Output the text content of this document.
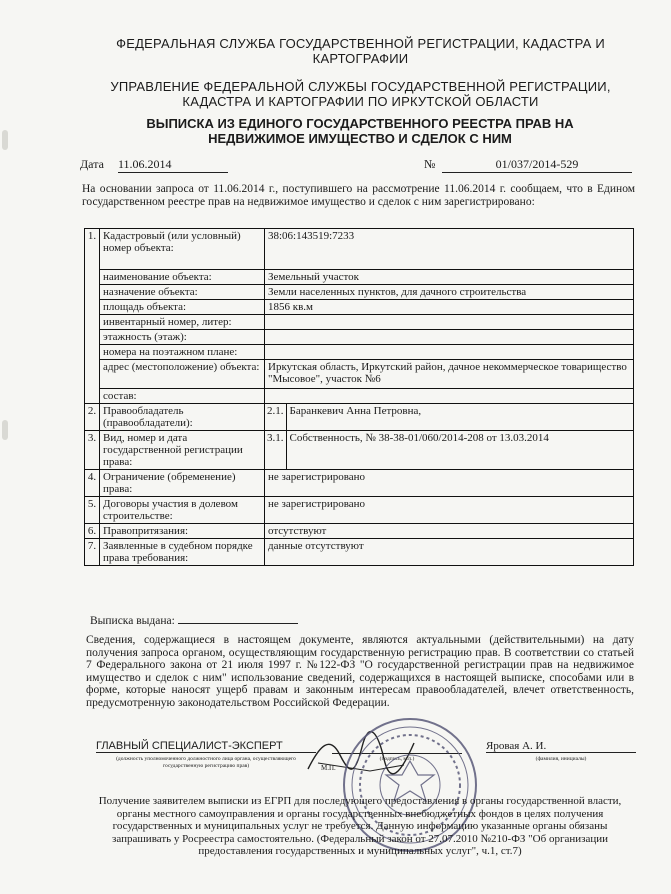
ФЕДЕРАЛЬНАЯ СЛУЖБА ГОСУДАРСТВЕННОЙ РЕГИСТРАЦИИ, КАДАСТРА И КАРТОГРАФИИ
УПРАВЛЕНИЕ ФЕДЕРАЛЬНОЙ СЛУЖБЫ ГОСУДАРСТВЕННОЙ РЕГИСТРАЦИИ, КАДАСТРА И КАРТОГРАФИИ ПО ИРКУТСКОЙ ОБЛАСТИ
ВЫПИСКА ИЗ ЕДИНОГО ГОСУДАРСТВЕННОГО РЕЕСТРА ПРАВ НА НЕДВИЖИМОЕ ИМУЩЕСТВО И СДЕЛОК С НИМ
Дата 11.06.2014	№	01/037/2014-529
На основании запроса от 11.06.2014 г., поступившего на рассмотрение 11.06.2014 г. сообщаем, что в Едином государственном реестре прав на недвижимое имущество и сделок с ним зарегистрировано:
1.	Кадастровый (или условный) номер объекта:	38:06:143519:7233	
	наименование объекта:	Земельный участок	
	назначение объекта:	Земли населенных пунктов, для дачного строительства	
	площадь объекта:	1856 кв.м	
	инвентарный номер, литер:		
	этажность (этаж):		
	номера на поэтажном плане:		
	адрес (местоположение) объекта:	Иркутская область, Иркутский район, дачное некоммерческое товарищество "Мысовое", участок №6	
	состав:		
2.	Правообладатель (правообладатели):	2.1.	Баранкевич Анна Петровна,
3.	Вид, номер и дата государственной регистрации права:	3.1.	Собственность, № 38-38-01/060/2014-208 от 13.03.2014
4.	Ограничение (обременение) права:	не зарегистрировано	
5.	Договоры участия в долевом строительстве:	не зарегистрировано	
6.	Правопритязания:	отсутствуют	
7.	Заявленные в судебном порядке права требования:	данные отсутствуют	
Выписка выдана:
Сведения, содержащиеся в настоящем документе, являются актуальными (действительными) на дату получения запроса органом, осуществляющим государственную регистрацию прав. В соответствии со статьей 7 Федерального закона от 21 июля 1997 г. №122-ФЗ "О государственной регистрации прав на недвижимое имущество и сделок с ним" использование сведений, содержащихся в настоящей выписке, способами или в форме, которые наносят ущерб правам и законным интересам правообладателей, влечет ответственность, предусмотренную законодательством Российской Федерации.
ГЛАВНЫЙ СПЕЦИАЛИСТ-ЭКСПЕРТ
(должность уполномоченного должностного лица органа, осуществляющего государственную регистрацию прав)
(подпись, м.п.)
М.П.
Яровая А. И.
(фамилия, инициалы)
Получение заявителем выписки из ЕГРП для последующего предоставления в органы государственной власти, органы местного самоуправления и органы государственных внебюджетных фондов в целях получения государственных и муниципальных услуг не требуется. Данную информацию указанные органы обязаны запрашивать у Росреестра самостоятельно. (Федеральный закон от 27.07.2010 №210-ФЗ "Об организации предоставления государственных и муниципальных услуг", ч.1, ст.7)
